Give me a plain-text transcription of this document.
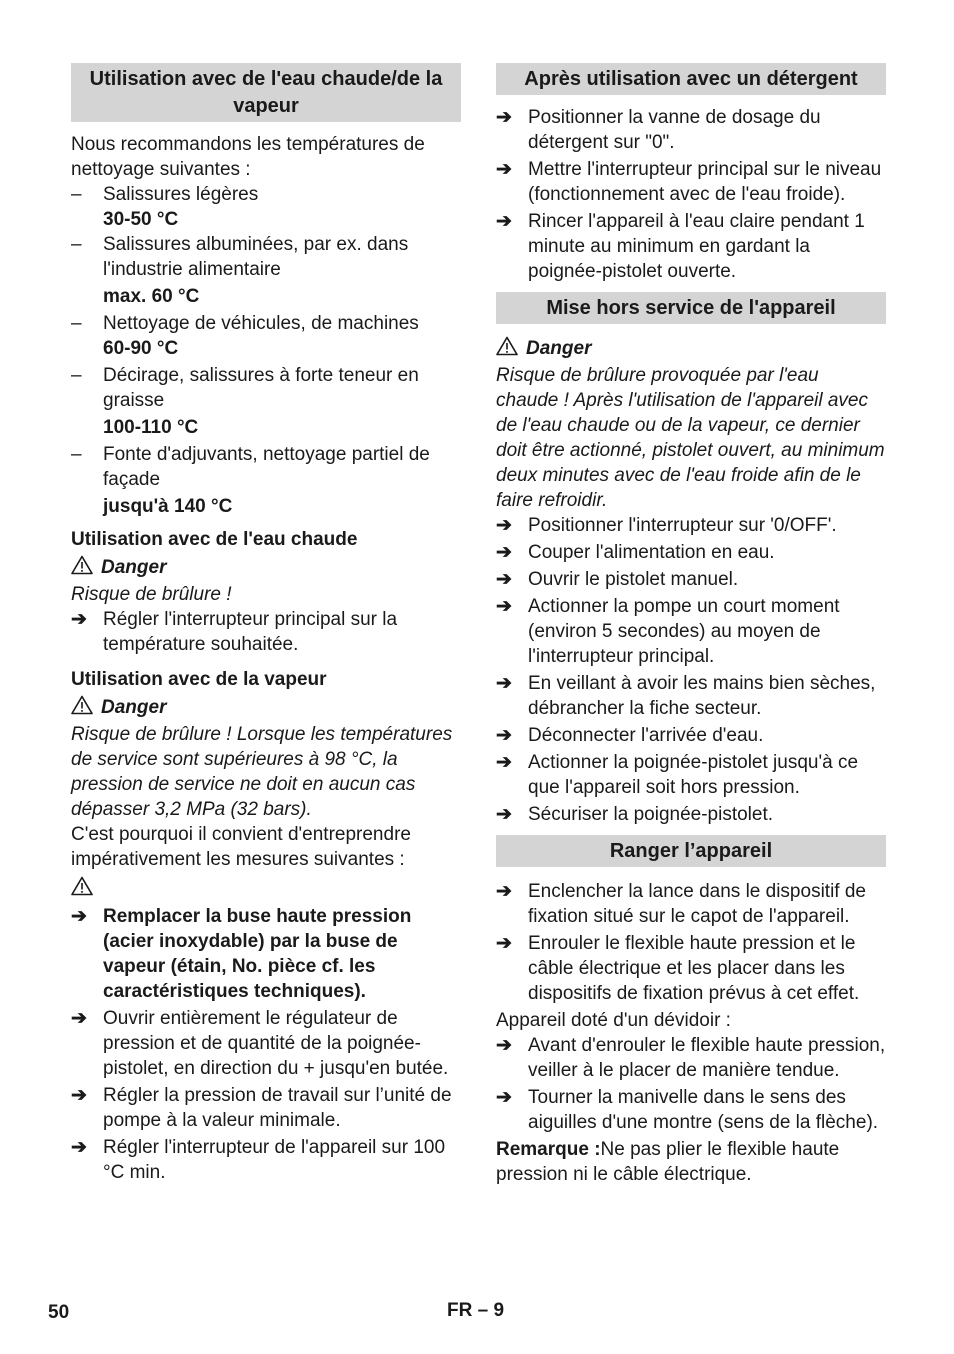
Utilisation avec de l'eau chaude/de la vapeur
Nous recommandons les températures de nettoyage suivantes :
–	Salissures légères
30-50 °C
–	Salissures albuminées, par ex. dans l'industrie alimentaire
max. 60 °C
–	Nettoyage de véhicules, de machines
60-90 °C
–	Décirage, salissures à forte teneur en graisse
100-110 °C
–	Fonte d'adjuvants, nettoyage partiel de façade
jusqu'à 140 °C
Utilisation avec de l'eau chaude
Danger
Risque de brûlure !
➔ Régler l'interrupteur principal sur la température souhaitée.
Utilisation avec de la vapeur
Danger
Risque de brûlure ! Lorsque les températures de service sont supérieures à 98 °C, la pression de service ne doit en aucun cas dépasser 3,2 MPa (32 bars).
C'est pourquoi il convient d'entreprendre impérativement les mesures suivantes :
➔ Remplacer la buse haute pression (acier inoxydable) par la buse de vapeur (étain, No. pièce cf. les caractéristiques techniques).
➔ Ouvrir entièrement le régulateur de pression et de quantité de la poignée-pistolet, en direction du + jusqu'en butée.
➔ Régler la pression de travail sur l’unité de pompe à la valeur minimale.
➔ Régler l'interrupteur de l'appareil sur 100 °C min.
Après utilisation avec un détergent
➔ Positionner la vanne de dosage du détergent sur "0".
➔ Mettre l'interrupteur principal sur le niveau (fonctionnement avec de l'eau froide).
➔ Rincer l'appareil à l'eau claire pendant 1 minute au minimum en gardant la poignée-pistolet ouverte.
Mise hors service de l'appareil
Danger
Risque de brûlure provoquée par l'eau chaude ! Après l'utilisation de l'appareil avec de l'eau chaude ou de la vapeur, ce dernier doit être actionné, pistolet ouvert, au minimum deux minutes avec de l'eau froide afin de le faire refroidir.
➔ Positionner l'interrupteur sur '0/OFF'.
➔ Couper l'alimentation en eau.
➔ Ouvrir le pistolet manuel.
➔ Actionner la pompe un court moment (environ 5 secondes) au moyen de l'interrupteur principal.
➔ En veillant à avoir les mains bien sèches, débrancher la fiche secteur.
➔ Déconnecter l'arrivée d'eau.
➔ Actionner la poignée-pistolet jusqu'à ce que l'appareil soit hors pression.
➔ Sécuriser la poignée-pistolet.
Ranger l’appareil
➔ Enclencher la lance dans le dispositif de fixation situé sur le capot de l'appareil.
➔ Enrouler le flexible haute pression et le câble électrique et les placer dans les dispositifs de fixation prévus à cet effet.
Appareil doté d'un dévidoir :
➔ Avant d'enrouler le flexible haute pression, veiller à le placer de manière tendue.
➔ Tourner la manivelle dans le sens des aiguilles d'une montre (sens de la flèche).
Remarque :Ne pas plier le flexible haute pression ni le câble électrique.
50	FR – 9
